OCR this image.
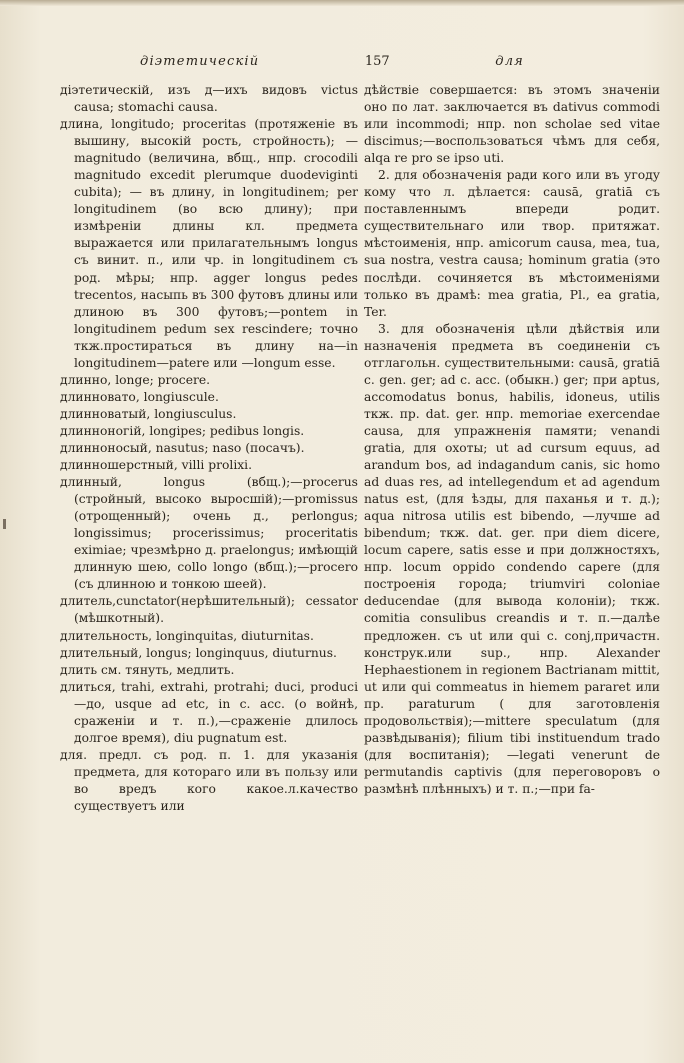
діэтетическій	157	для

діэтетическій, изъ д—ихъ видовъ victus causa; stomachi causa.

длина, longitudo; proceritas (протяженіе въ вышину, высокій рость, стройность); — magnitudo (величина, вбщ., нпр. crocodili magnitudo excedit plerumque duodeviginti cubita); — въ длину, in longitudinem; per longitudinem (во всю длину); при измѣреніи длины кл. предмета выражается или прилагательнымъ longus съ винит. п., или чр. in longitudinem съ род. мѣры; нпр. agger longus pedes trecentos, насыпь въ 300 футовъ длины или длиною въ 300 футовъ;—pontem in longitudinem pedum sex rescindere; точно ткж.простираться въ длину на—in longitudinem—patere или —longum esse.

длинно, longe; procere.

длинновато, longiuscule.

длинноватый, longiusculus.

длинноногій, longipes; pedibus longis.

длинноносый, nasutus; naso (посачъ).

длинношерстный, villi prolixi.

длинный, longus (вбщ.);—procerus (стройный, высоко выросшій);—promissus (отрощенный); очень д., perlongus; longissimus; procerissimus; proceritatis eximiae; чрезмѣрно д. praelongus; имѣющій длинную шею, collo longo (вбщ.);—procero (съ длинною и тонкою шеей).

длитель,cunctator(нерѣшительный); cessator (мѣшкотный).

длительность, longinquitas, diuturnitas.

длительный, longus; longinquus, diuturnus.

длить см. тянуть, медлить.

длиться, trahi, extrahi, protrahi; duci, produci—до, usque ad etc, in c. acc. (о войнѣ, сраженіи и т. п.),—сраженіе длилось долгое время), diu pugnatum est.

для. предл. съ род. п. 1. для указанія предмета, для котораго или въ пользу или во вредъ кого какое.л.качество существуетъ или

дѣйствіе совершается: въ этомъ значеніи оно по лат. заключается въ dativus commodi или incommodi; нпр. non scholae sed vitae discimus;—воспользоваться чѣмъ для себя, alqa re pro se ipso uti.

2. для обозначенія ради кого или въ угоду кому что л. дѣлается: causā, gratiā съ поставленнымъ впереди родит. существительнаго или твор. притяжат. мѣстоименія, нпр. amicorum causa, mea, tua, sua nostra, vestra causa; hominum gratia (это послѣди. сочиняется въ мѣстоименіями только въ драмѣ: mea gratia, Pl., ea gratia, Ter.

3. для обозначенія цѣли дѣйствія или назначенія предмета въ соединеніи съ отглагольн. существительными: causā, gratiā c. gen. ger; ad c. acc. (обыкн.) ger; при aptus, accomodatus bonus, habilis, idoneus, utilis ткж. пр. dat. ger. нпр. memoriae exercendae causa, для упражненія памяти; venandi gratia, для охоты; ut ad cursum equus, ad arandum bos, ad indagandum canis, sic homo ad duas res, ad intellegendum et ad agendum natus est, (для ѣзды, для паханья и т. д.); aqua nitrosa utilis est bibendo, —лучше ad bibendum; ткж. dat. ger. при diem dicere, locum capere, satis esse и при должностяхъ, нпр. locum oppido condendo capere (для построенія города; triumviri coloniae deducendae (для вывода колоніи); ткж. comitia consulibus creandis и т. п.—далѣе предложен. съ ut или qui c. conj,причастн. конструк.или sup., нпр. Alexander Hephaestionem in regionem Bactrianam mittit, ut или qui commeatus in hiemem pararet или пр. paraturum ( для заготовленія продовольствія);—mittere speculatum (для развѣдыванія); filium tibi instituendum trado (для воспитанія); —legati venerunt de permutandis captivis (для переговоровъ о размѣнѣ плѣнныхъ) и т. п.;—при fa-
